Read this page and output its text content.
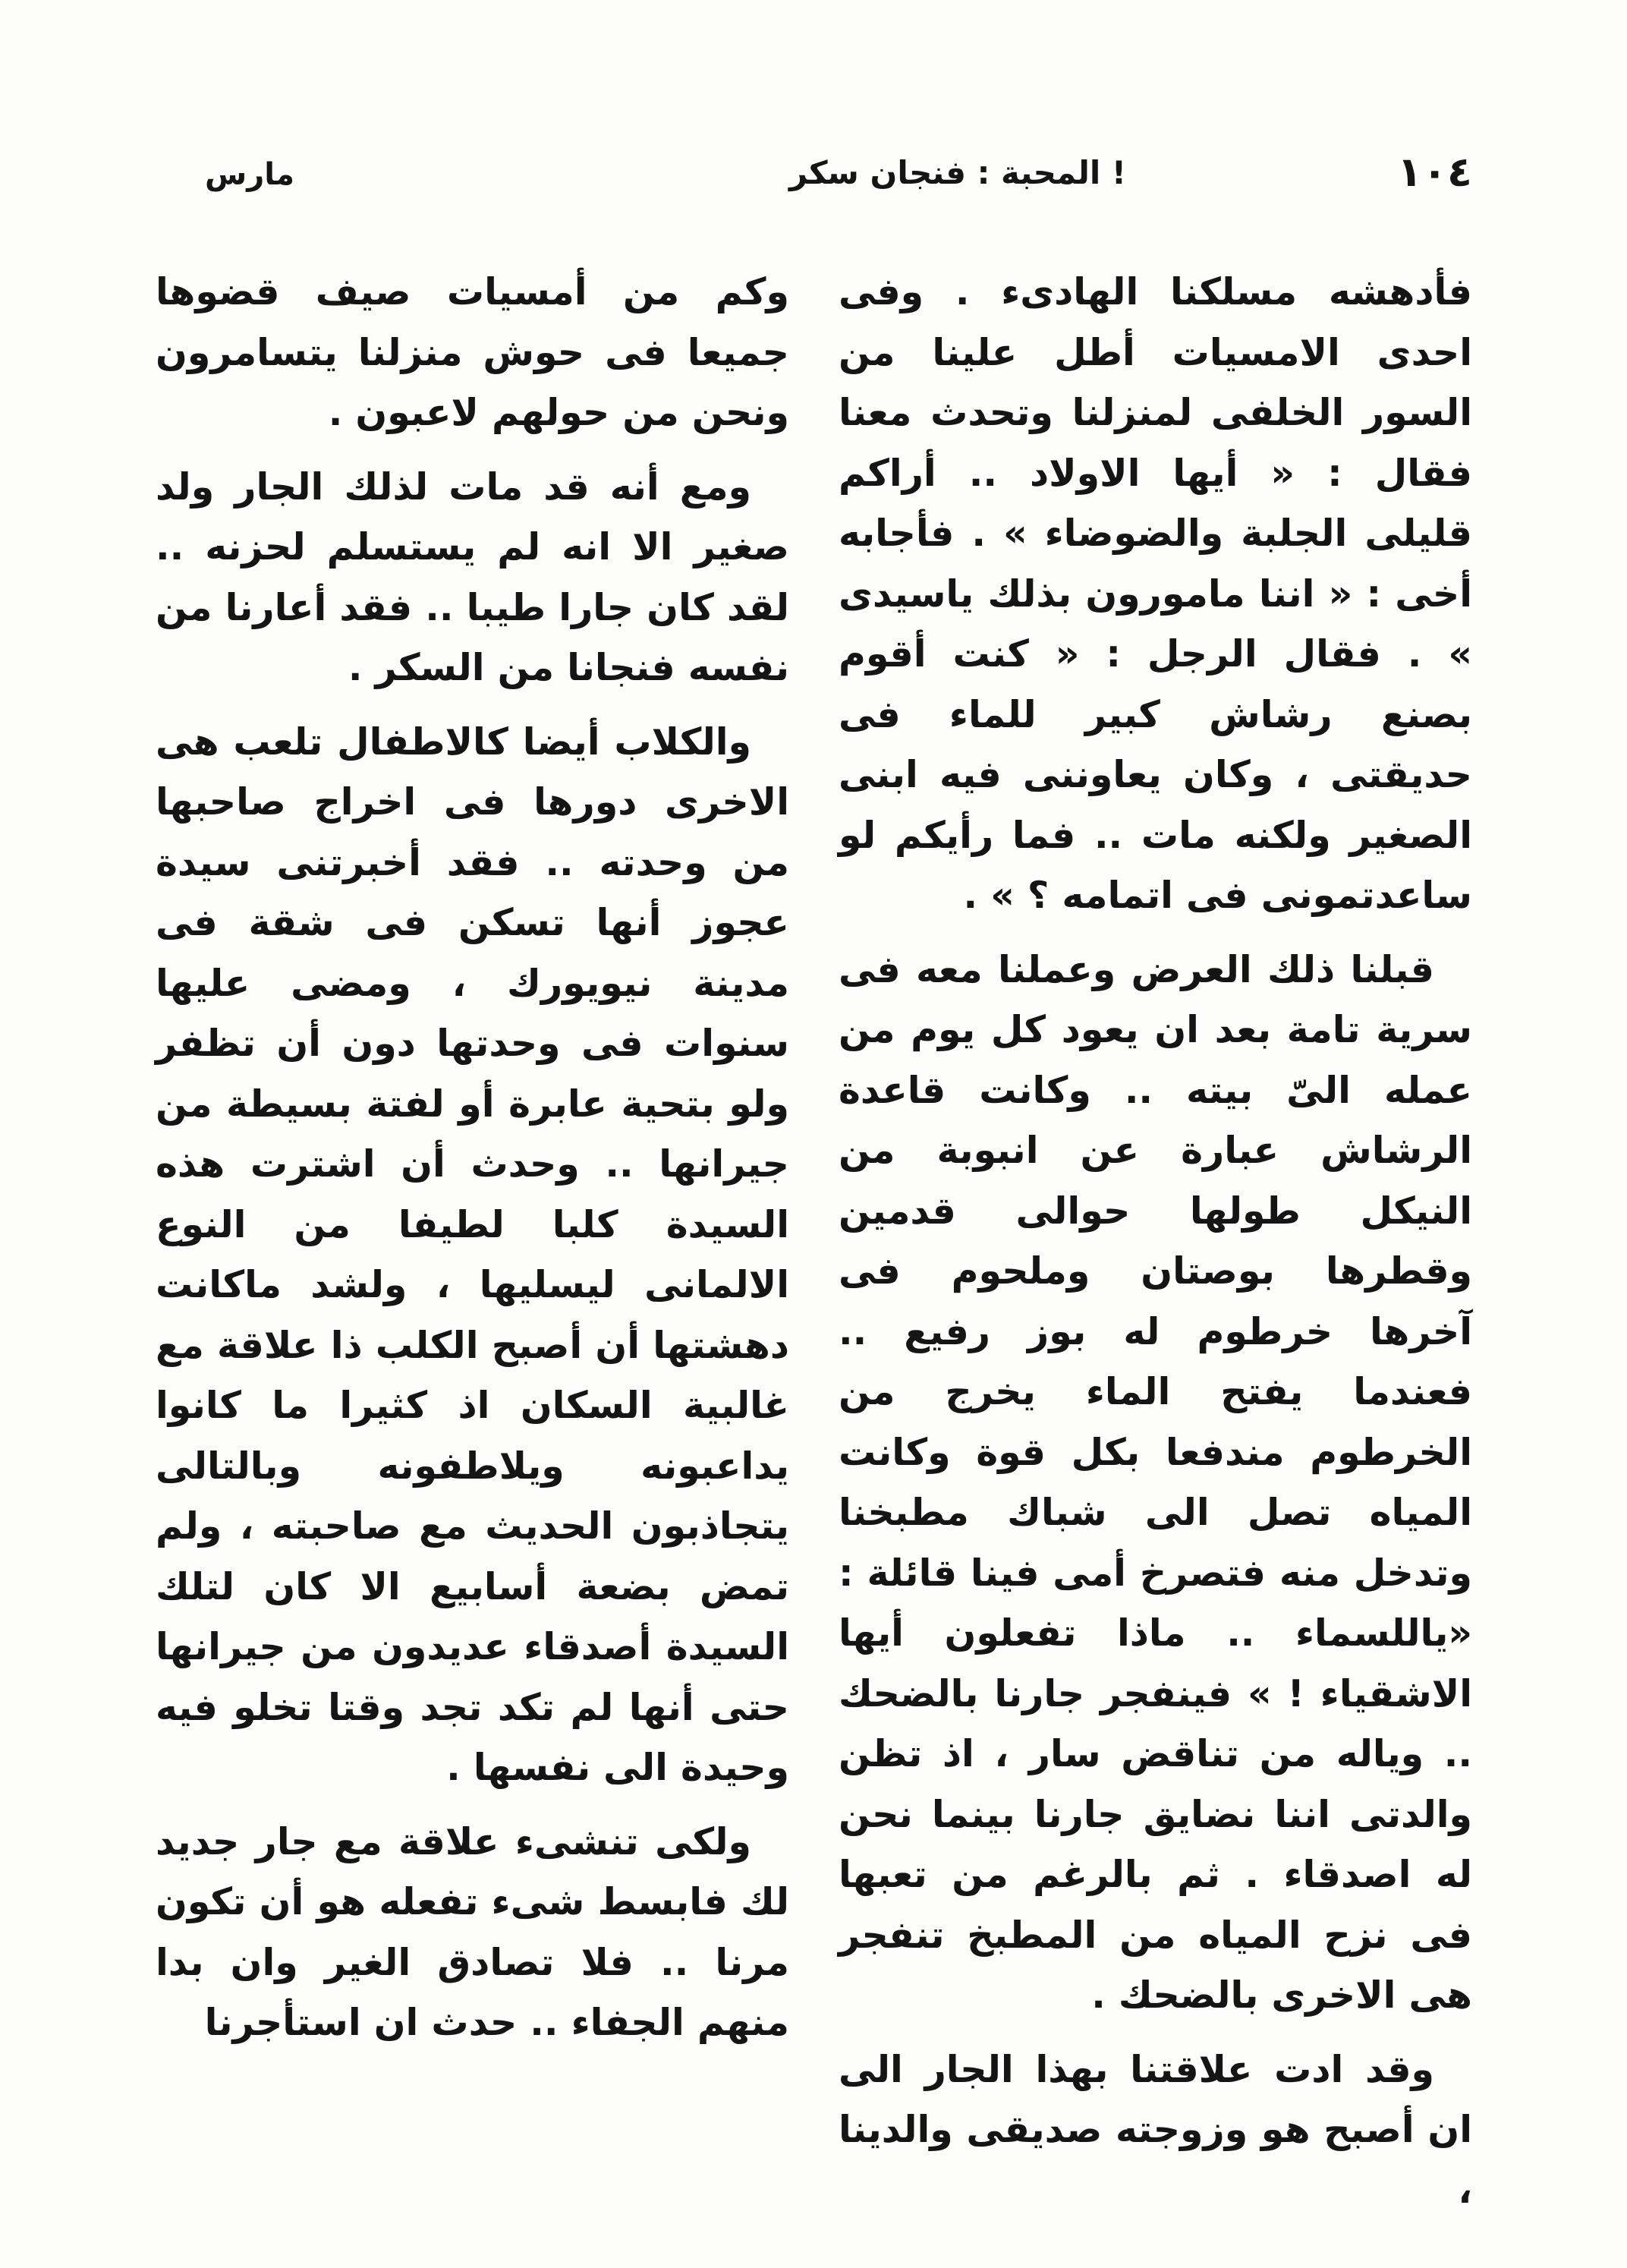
١٠٤
المحبة : فنجان سكر !
مارس

فأدهشه مسلكنا الهادىء . وفى احدى الامسيات أطل علينا من السور الخلفى لمنزلنا وتحدث معنا فقال : « أيها الاولاد .. أراكم قليلى الجلبة والضوضاء » . فأجابه أخى : « اننا مامورون بذلك ياسيدى » . فقال الرجل : « كنت أقوم بصنع رشاش كبير للماء فى حديقتى ، وكان يعاوننى فيه ابنى الصغير ولكنه مات .. فما رأيكم لو ساعدتمونى فى اتمامه ؟ » .

قبلنا ذلك العرض وعملنا معه فى سرية تامة بعد ان يعود كل يوم من عمله الىّ بيته .. وكانت قاعدة الرشاش عبارة عن انبوبة من النيكل طولها حوالى قدمين وقطرها بوصتان وملحوم فى آخرها خرطوم له بوز رفيع .. فعندما يفتح الماء يخرج من الخرطوم مندفعا بكل قوة وكانت المياه تصل الى شباك مطبخنا وتدخل منه فتصرخ أمى فينا قائلة : «ياللسماء .. ماذا تفعلون أيها الاشقياء ! » فينفجر جارنا بالضحك .. وياله من تناقض سار ، اذ تظن والدتى اننا نضايق جارنا بينما نحن له اصدقاء . ثم بالرغم من تعبها فى نزح المياه من المطبخ تنفجر هى الاخرى بالضحك .

وقد ادت علاقتنا بهذا الجار الى ان أصبح هو وزوجته صديقى والدينا ،

وكم من أمسيات صيف قضوها جميعا فى حوش منزلنا يتسامرون ونحن من حولهم لاعبون .

ومع أنه قد مات لذلك الجار ولد صغير الا انه لم يستسلم لحزنه .. لقد كان جارا طيبا .. فقد أعارنا من نفسه فنجانا من السكر .

والكلاب أيضا كالاطفال تلعب هى الاخرى دورها فى اخراج صاحبها من وحدته .. فقد أخبرتنى سيدة عجوز أنها تسكن فى شقة فى مدينة نيويورك ، ومضى عليها سنوات فى وحدتها دون أن تظفر ولو بتحية عابرة أو لفتة بسيطة من جيرانها .. وحدث أن اشترت هذه السيدة كلبا لطيفا من النوع الالمانى ليسليها ، ولشد ماكانت دهشتها أن أصبح الكلب ذا علاقة مع غالبية السكان اذ كثيرا ما كانوا يداعبونه ويلاطفونه وبالتالى يتجاذبون الحديث مع صاحبته ، ولم تمض بضعة أسابيع الا كان لتلك السيدة أصدقاء عديدون من جيرانها حتى أنها لم تكد تجد وقتا تخلو فيه وحيدة الى نفسها .

ولكى تنشىء علاقة مع جار جديد لك فابسط شىء تفعله هو أن تكون مرنا .. فلا تصادق الغير وان بدا منهم الجفاء .. حدث ان استأجرنا
